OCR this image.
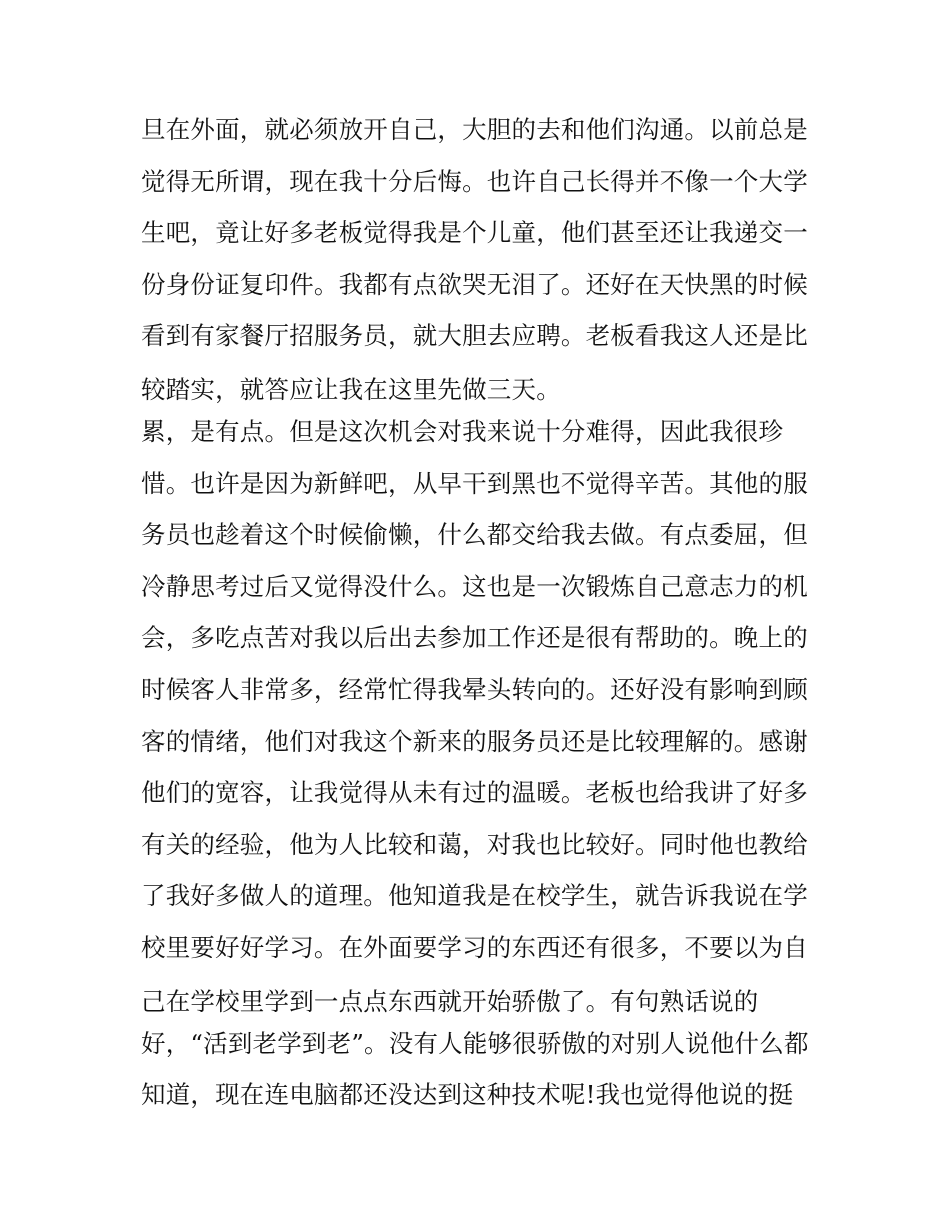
旦在外面，就必须放开自己，大胆的去和他们沟通。以前总是
觉得无所谓，现在我十分后悔。也许自己长得并不像一个大学
生吧，竟让好多老板觉得我是个儿童，他们甚至还让我递交一
份身份证复印件。我都有点欲哭无泪了。还好在天快黑的时候
看到有家餐厅招服务员，就大胆去应聘。老板看我这人还是比
较踏实，就答应让我在这里先做三天。
累，是有点。但是这次机会对我来说十分难得，因此我很珍
惜。也许是因为新鲜吧，从早干到黑也不觉得辛苦。其他的服
务员也趁着这个时候偷懒，什么都交给我去做。有点委屈，但
冷静思考过后又觉得没什么。这也是一次锻炼自己意志力的机
会，多吃点苦对我以后出去参加工作还是很有帮助的。晚上的
时候客人非常多，经常忙得我晕头转向的。还好没有影响到顾
客的情绪，他们对我这个新来的服务员还是比较理解的。感谢
他们的宽容，让我觉得从未有过的温暖。老板也给我讲了好多
有关的经验，他为人比较和蔼，对我也比较好。同时他也教给
了我好多做人的道理。他知道我是在校学生，就告诉我说在学
校里要好好学习。在外面要学习的东西还有很多，不要以为自
己在学校里学到一点点东西就开始骄傲了。有句熟话说的
好，“活到老学到老”。没有人能够很骄傲的对别人说他什么都
知道，现在连电脑都还没达到这种技术呢!我也觉得他说的挺
